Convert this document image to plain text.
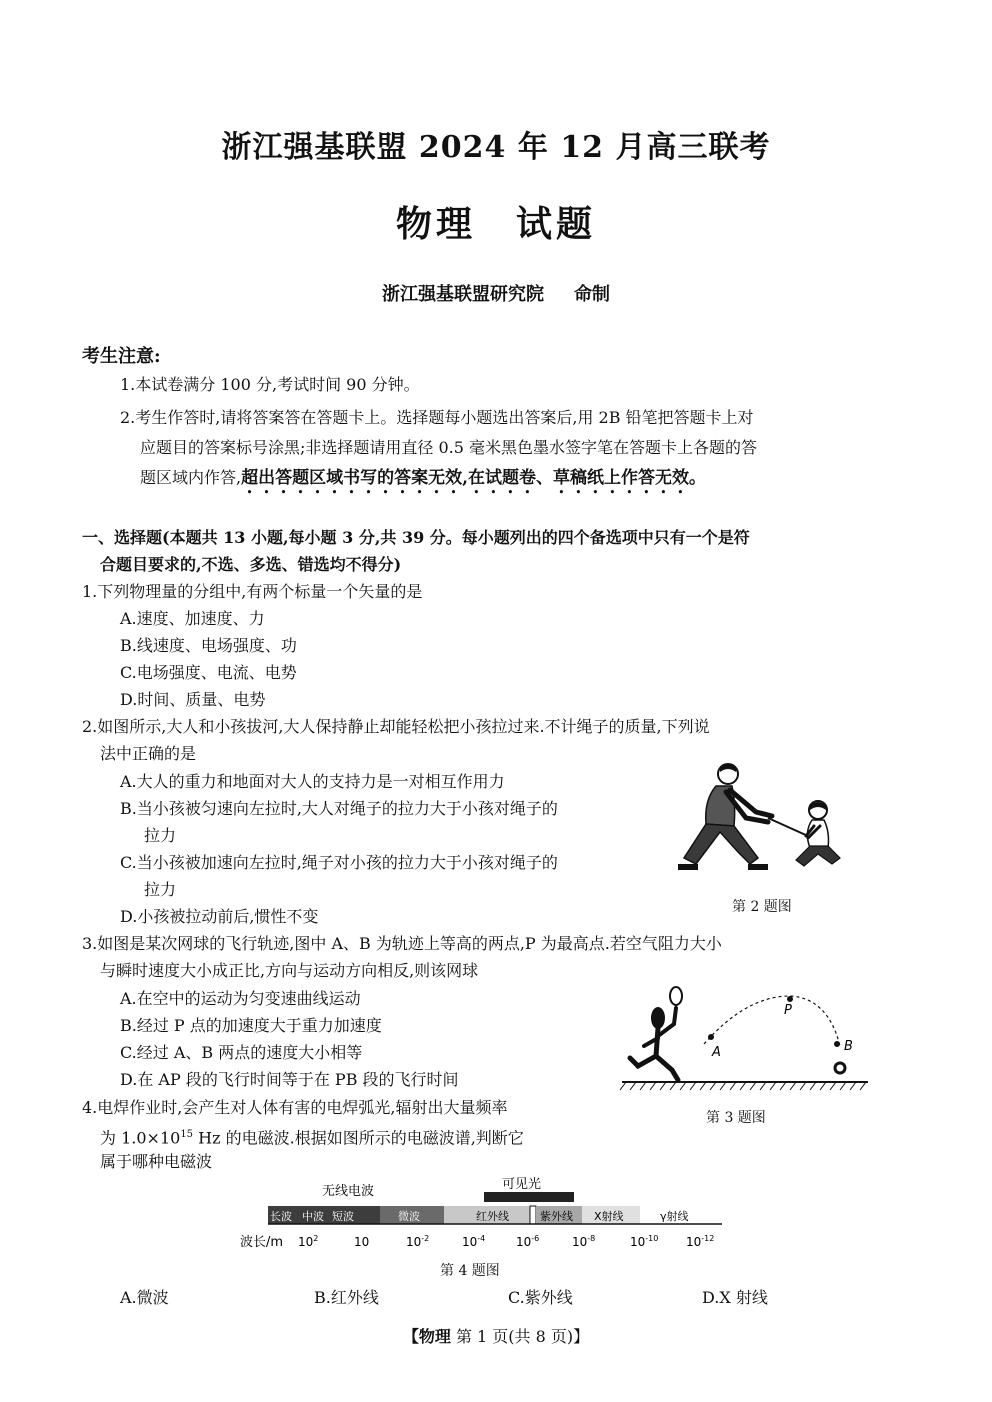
浙江强基联盟 2024 年 12 月高三联考
物理 试题
浙江强基联盟研究院 命制
考生注意:
1.本试卷满分 100 分,考试时间 90 分钟。
2.考生作答时,请将答案答在答题卡上。选择题每小题选出答案后,用 2B 铅笔把答题卡上对
应题目的答案标号涂黑;非选择题请用直径 0.5 毫米黑色墨水签字笔在答题卡上各题的答
题区域内作答,超出答题区域书写的答案无效,在试题卷、草稿纸上作答无效。
一、选择题(本题共 13 小题,每小题 3 分,共 39 分。每小题列出的四个备选项中只有一个是符
合题目要求的,不选、多选、错选均不得分)
1.下列物理量的分组中,有两个标量一个矢量的是
A.速度、加速度、力
B.线速度、电场强度、功
C.电场强度、电流、电势
D.时间、质量、电势
2.如图所示,大人和小孩拔河,大人保持静止却能轻松把小孩拉过来.不计绳子的质量,下列说
法中正确的是
A.大人的重力和地面对大人的支持力是一对相互作用力
B.当小孩被匀速向左拉时,大人对绳子的拉力大于小孩对绳子的
拉力
C.当小孩被加速向左拉时,绳子对小孩的拉力大于小孩对绳子的
拉力
D.小孩被拉动前后,惯性不变	第 2 题图
3.如图是某次网球的飞行轨迹,图中 A、B 为轨迹上等高的两点,P 为最高点.若空气阻力大小
与瞬时速度大小成正比,方向与运动方向相反,则该网球
A.在空中的运动为匀变速曲线运动
B.经过 P 点的加速度大于重力加速度
C.经过 A、B 两点的速度大小相等
D.在 AP 段的飞行时间等于在 PB 段的飞行时间
A
P
B
第 3 题图
4.电焊作业时,会产生对人体有害的电焊弧光,辐射出大量频率
为 $1.0\times 10^{15}$ Hz 的电磁波.根据如图所示的电磁波谱,判断它
属于哪种电磁波
无线电波	可见光
长波 中波 短波	微波	红外线	紫外线 X射线	γ射线
波长/m $10^2$	10	$10^{-2}$	$10^{-4}$	$10^{-6}$	$10^{-8}$	$10^{-10}$ $10^{-12}$
第 4 题图
A.微波	B.红外线	C.紫外线	D.X 射线
【物理 第 1 页(共 8 页)】
